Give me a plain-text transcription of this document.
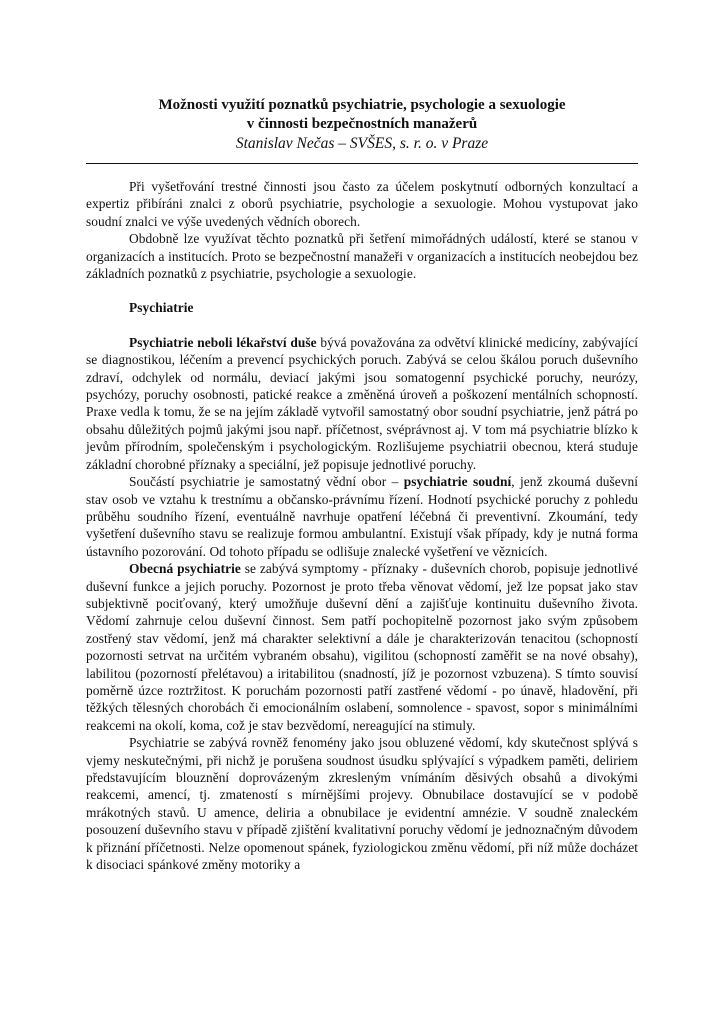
Možnosti využití poznatků psychiatrie, psychologie a sexuologie
v činnosti bezpečnostních manažerů

Stanislav Nečas – SVŠES, s. r. o. v Praze

Při vyšetřování trestné činnosti jsou často za účelem poskytnutí odborných konzultací a expertiz přibíráni znalci z oborů psychiatrie, psychologie a sexuologie. Mohou vystupovat jako soudní znalci ve výše uvedených vědních oborech.

Obdobně lze využívat těchto poznatků při šetření mimořádných událostí, které se stanou v organizacích a institucích. Proto se bezpečnostní manažeři v organizacích a institucích neobejdou bez základních poznatků z psychiatrie, psychologie a sexuologie.

Psychiatrie

Psychiatrie neboli lékařství duše bývá považována za odvětví klinické medicíny, zabývající se diagnostikou, léčením a prevencí psychických poruch. Zabývá se celou škálou poruch duševního zdraví, odchylek od normálu, deviací jakými jsou somatogenní psychické poruchy, neurózy, psychózy, poruchy osobnosti, patické reakce a změněná úroveň a poškození mentálních schopností. Praxe vedla k tomu, že se na jejím základě vytvořil samostatný obor soudní psychiatrie, jenž pátrá po obsahu důležitých pojmů jakými jsou např. příčetnost, svéprávnost aj. V tom má psychiatrie blízko k jevům přírodním, společenským i psychologickým. Rozlišujeme psychiatrii obecnou, která studuje základní chorobné příznaky a speciální, jež popisuje jednotlivé poruchy.

Součástí psychiatrie je samostatný vědní obor – psychiatrie soudní, jenž zkoumá duševní stav osob ve vztahu k trestnímu a občansko-právnímu řízení. Hodnotí psychické poruchy z pohledu průběhu soudního řízení, eventuálně navrhuje opatření léčebná či preventivní. Zkoumání, tedy vyšetření duševního stavu se realizuje formou ambulantní. Existují však případy, kdy je nutná forma ústavního pozorování. Od tohoto případu se odlišuje znalecké vyšetření ve věznicích.

Obecná psychiatrie se zabývá symptomy - příznaky - duševních chorob, popisuje jednotlivé duševní funkce a jejich poruchy. Pozornost je proto třeba věnovat vědomí, jež lze popsat jako stav subjektivně pociťovaný, který umožňuje duševní dění a zajišťuje kontinuitu duševního života. Vědomí zahrnuje celou duševní činnost. Sem patří pochopitelně pozornost jako svým způsobem zostřený stav vědomí, jenž má charakter selektivní a dále je charakterizován tenacitou (schopností pozornosti setrvat na určitém vybraném obsahu), vigilitou (schopností zaměřit se na nové obsahy), labilitou (pozorností přelétavou) a iritabilitou (snadností, jíž je pozornost vzbuzena). S tímto souvisí poměrně úzce roztržitost. K poruchám pozornosti patří zastřené vědomí - po únavě, hladovění, při těžkých tělesných chorobách či emocionálním oslabení, somnolence - spavost, sopor s minimálními reakcemi na okolí, koma, což je stav bezvědomí, nereagující na stimuly.

Psychiatrie se zabývá rovněž fenomény jako jsou obluzené vědomí, kdy skutečnost splývá s vjemy neskutečnými, při nichž je porušena soudnost úsudku splývající s výpadkem paměti, deliriem představujícím blouznění doprovázeným zkresleným vnímáním děsivých obsahů a divokými reakcemi, amencí, tj. zmateností s mírnějšími projevy. Obnubilace dostavující se v podobě mrákotných stavů. U amence, deliria a obnubilace je evidentní amnézie. V soudně znaleckém posouzení duševního stavu v případě zjištění kvalitativní poruchy vědomí je jednoznačným důvodem k přiznání příčetnosti. Nelze opomenout spánek, fyziologickou změnu vědomí, při níž může docházet k disociaci spánkové změny motoriky a
